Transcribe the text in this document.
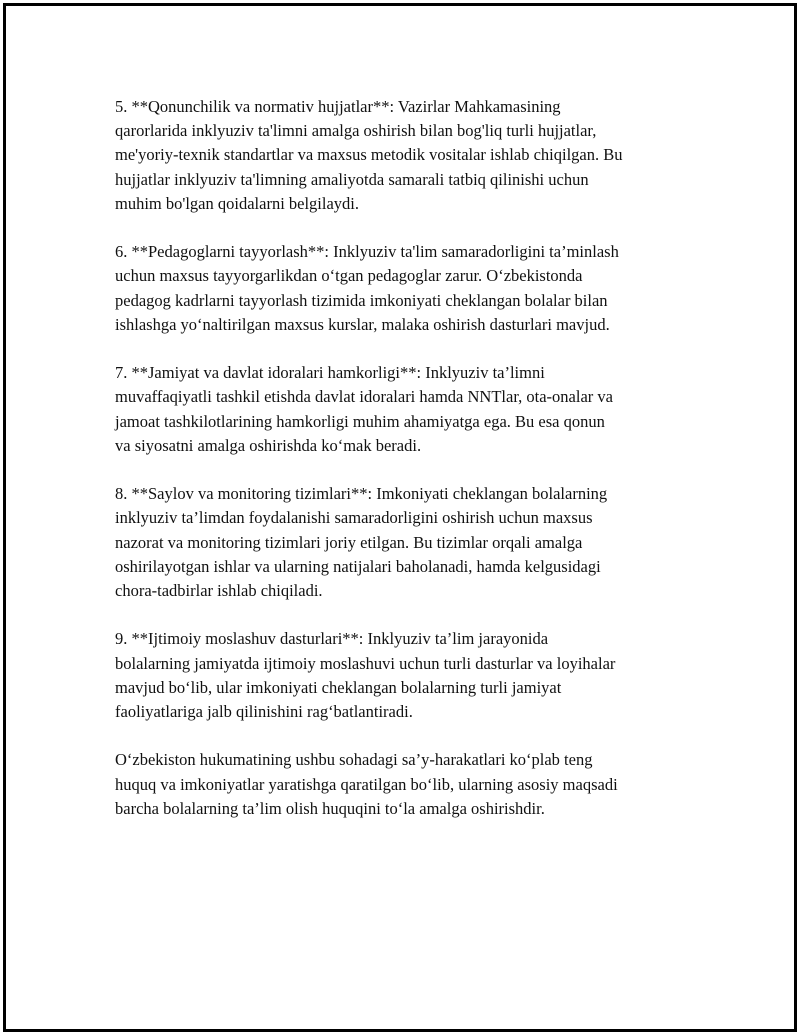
5. **Qonunchilik va normativ hujjatlar**: Vazirlar Mahkamasining
qarorlarida inklyuziv ta'limni amalga oshirish bilan bog'liq turli hujjatlar,
me'yoriy-texnik standartlar va maxsus metodik vositalar ishlab chiqilgan. Bu
hujjatlar inklyuziv ta'limning amaliyotda samarali tatbiq qilinishi uchun
muhim bo'lgan qoidalarni belgilaydi.

6. **Pedagoglarni tayyorlash**: Inklyuziv ta'lim samaradorligini ta’minlash
uchun maxsus tayyorgarlikdan o‘tgan pedagoglar zarur. O‘zbekistonda
pedagog kadrlarni tayyorlash tizimida imkoniyati cheklangan bolalar bilan
ishlashga yo‘naltirilgan maxsus kurslar, malaka oshirish dasturlari mavjud.

7. **Jamiyat va davlat idoralari hamkorligi**: Inklyuziv ta’limni
muvaffaqiyatli tashkil etishda davlat idoralari hamda NNTlar, ota-onalar va
jamoat tashkilotlarining hamkorligi muhim ahamiyatga ega. Bu esa qonun
va siyosatni amalga oshirishda ko‘mak beradi.

8. **Saylov va monitoring tizimlari**: Imkoniyati cheklangan bolalarning
inklyuziv ta’limdan foydalanishi samaradorligini oshirish uchun maxsus
nazorat va monitoring tizimlari joriy etilgan. Bu tizimlar orqali amalga
oshirilayotgan ishlar va ularning natijalari baholanadi, hamda kelgusidagi
chora-tadbirlar ishlab chiqiladi.

9. **Ijtimoiy moslashuv dasturlari**: Inklyuziv ta’lim jarayonida
bolalarning jamiyatda ijtimoiy moslashuvi uchun turli dasturlar va loyihalar
mavjud bo‘lib, ular imkoniyati cheklangan bolalarning turli jamiyat
faoliyatlariga jalb qilinishini rag‘batlantiradi.

O‘zbekiston hukumatining ushbu sohadagi sa’y-harakatlari ko‘plab teng
huquq va imkoniyatlar yaratishga qaratilgan bo‘lib, ularning asosiy maqsadi
barcha bolalarning ta’lim olish huquqini to‘la amalga oshirishdir.
